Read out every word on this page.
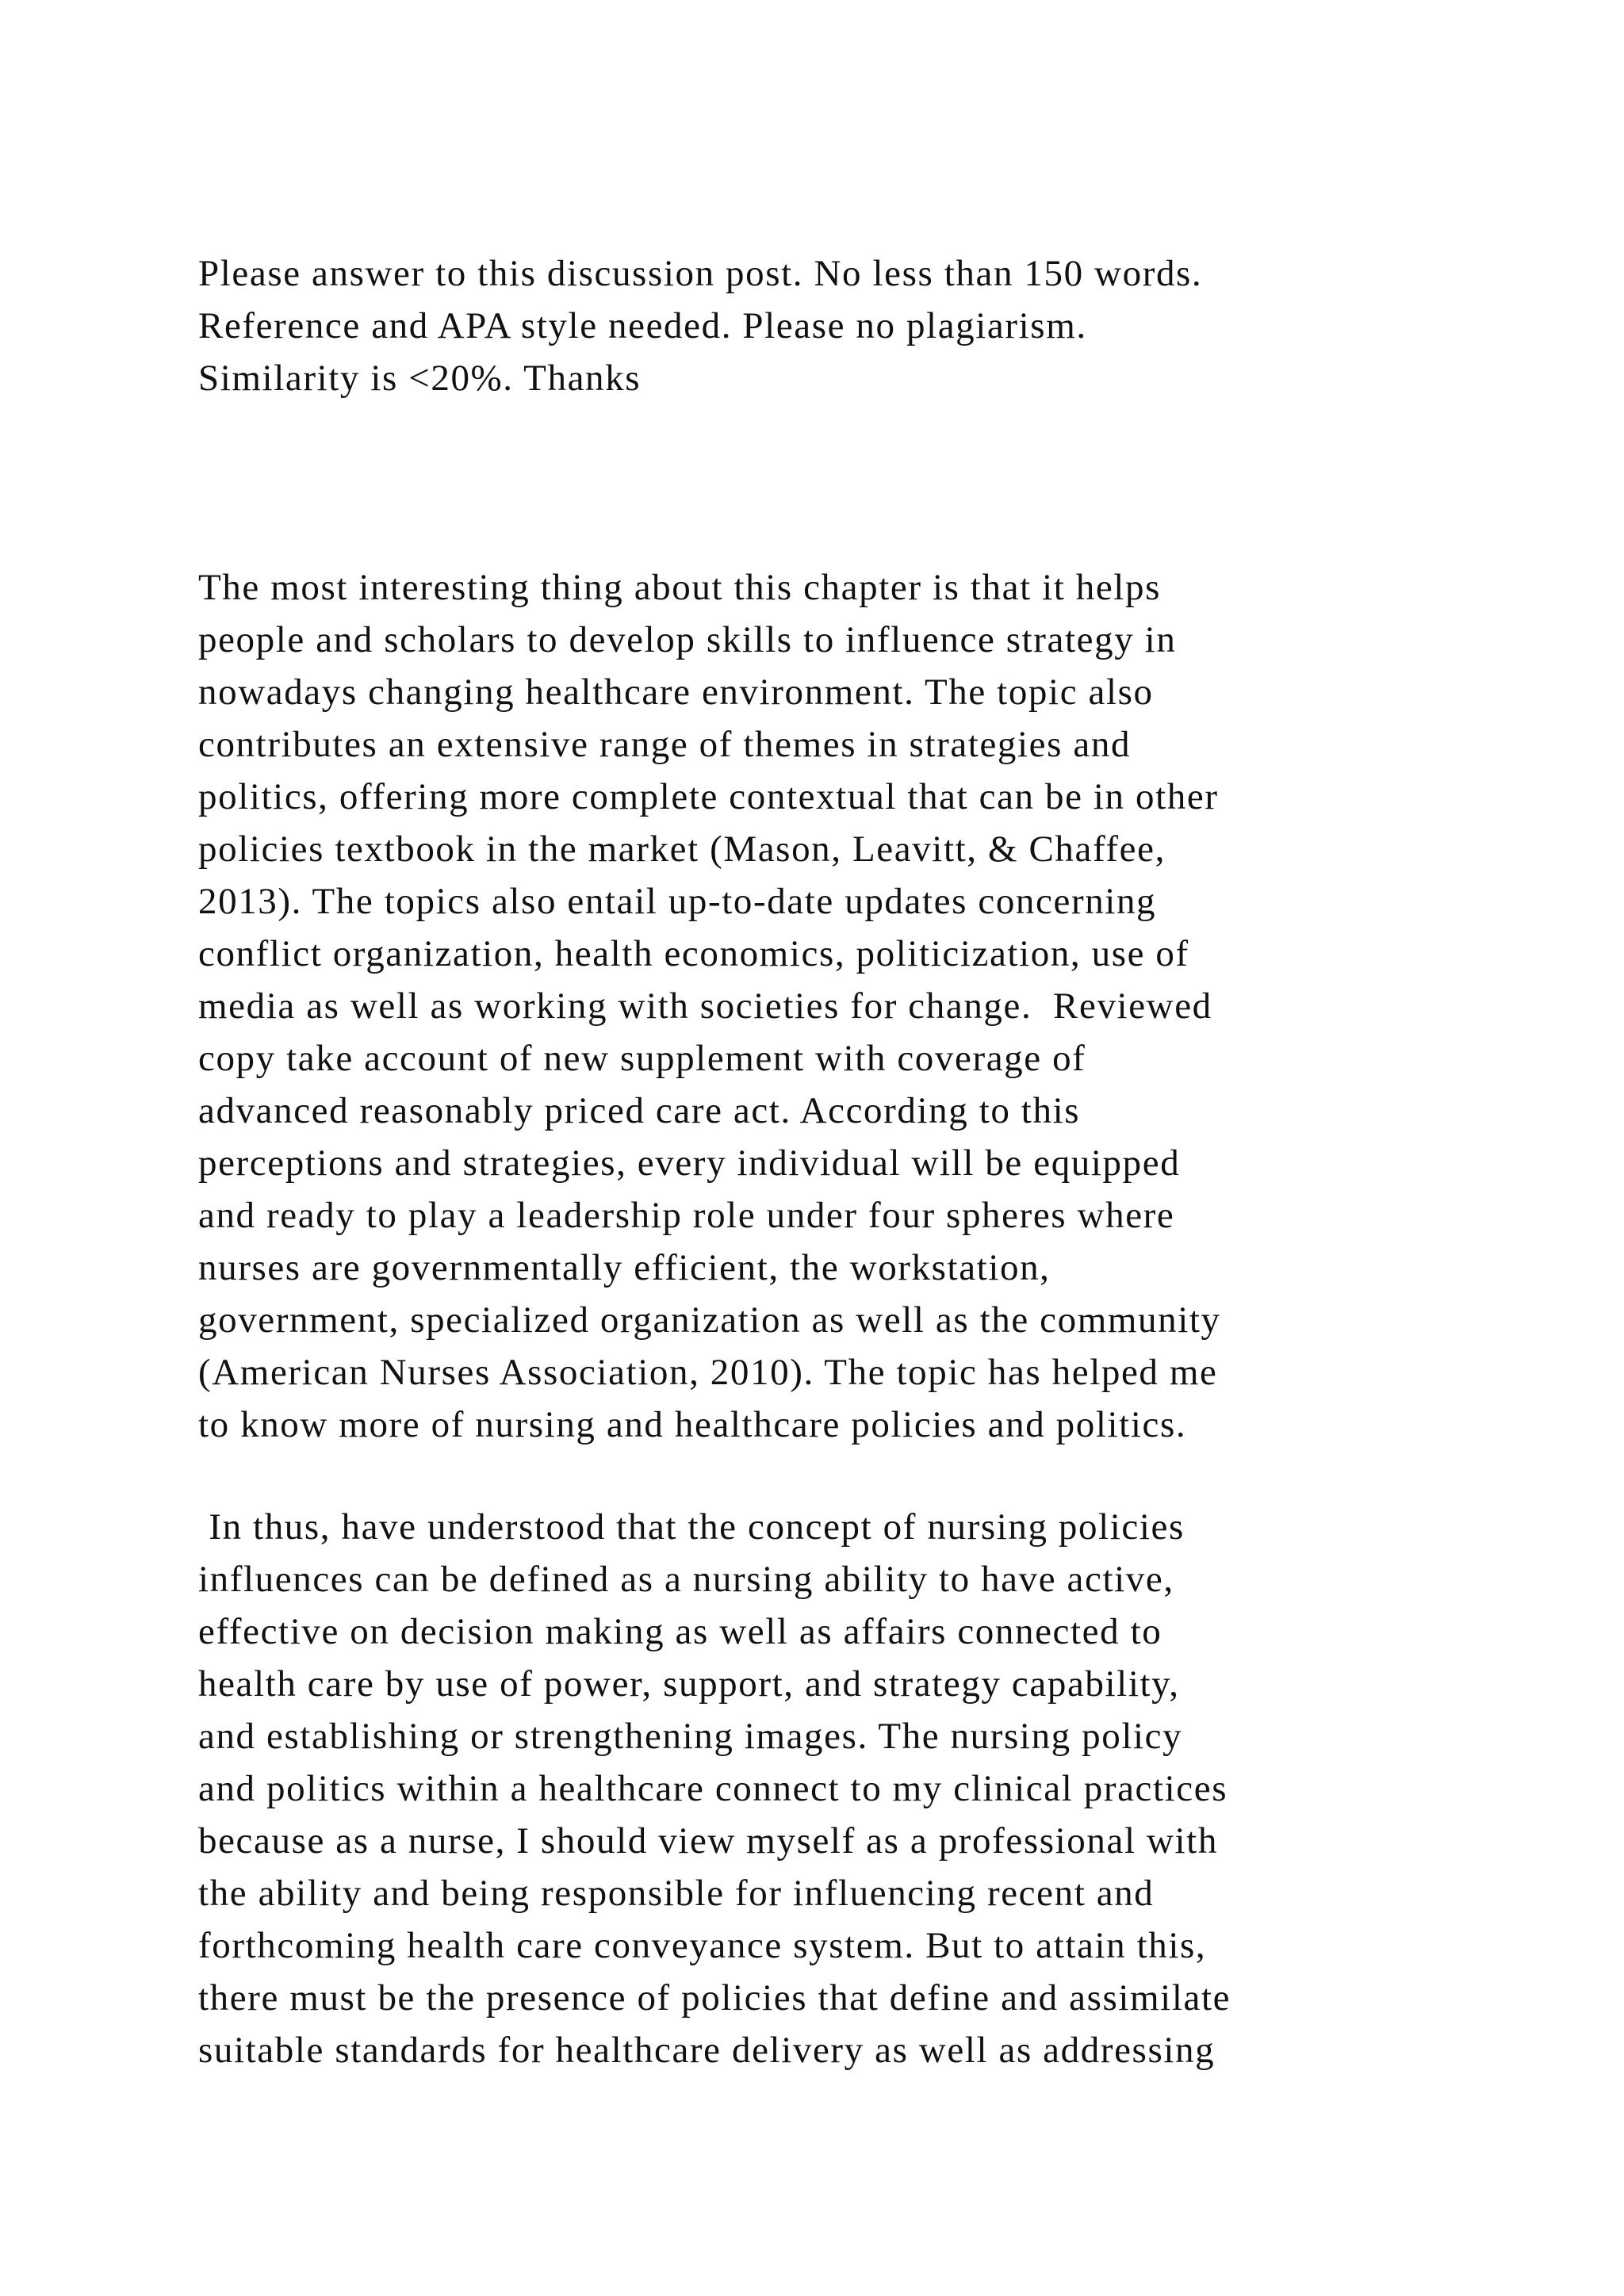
Please answer to this discussion post. No less than 150 words.
Reference and APA style needed. Please no plagiarism.
Similarity is <20%. Thanks

The most interesting thing about this chapter is that it helps
people and scholars to develop skills to influence strategy in
nowadays changing healthcare environment. The topic also
contributes an extensive range of themes in strategies and
politics, offering more complete contextual that can be in other
policies textbook in the market (Mason, Leavitt, & Chaffee,
2013). The topics also entail up-to-date updates concerning
conflict organization, health economics, politicization, use of
media as well as working with societies for change.  Reviewed
copy take account of new supplement with coverage of
advanced reasonably priced care act. According to this
perceptions and strategies, every individual will be equipped
and ready to play a leadership role under four spheres where
nurses are governmentally efficient, the workstation,
government, specialized organization as well as the community
(American Nurses Association, 2010). The topic has helped me
to know more of nursing and healthcare policies and politics.

In thus, have understood that the concept of nursing policies
influences can be defined as a nursing ability to have active,
effective on decision making as well as affairs connected to
health care by use of power, support, and strategy capability,
and establishing or strengthening images. The nursing policy
and politics within a healthcare connect to my clinical practices
because as a nurse, I should view myself as a professional with
the ability and being responsible for influencing recent and
forthcoming health care conveyance system. But to attain this,
there must be the presence of policies that define and assimilate
suitable standards for healthcare delivery as well as addressing
